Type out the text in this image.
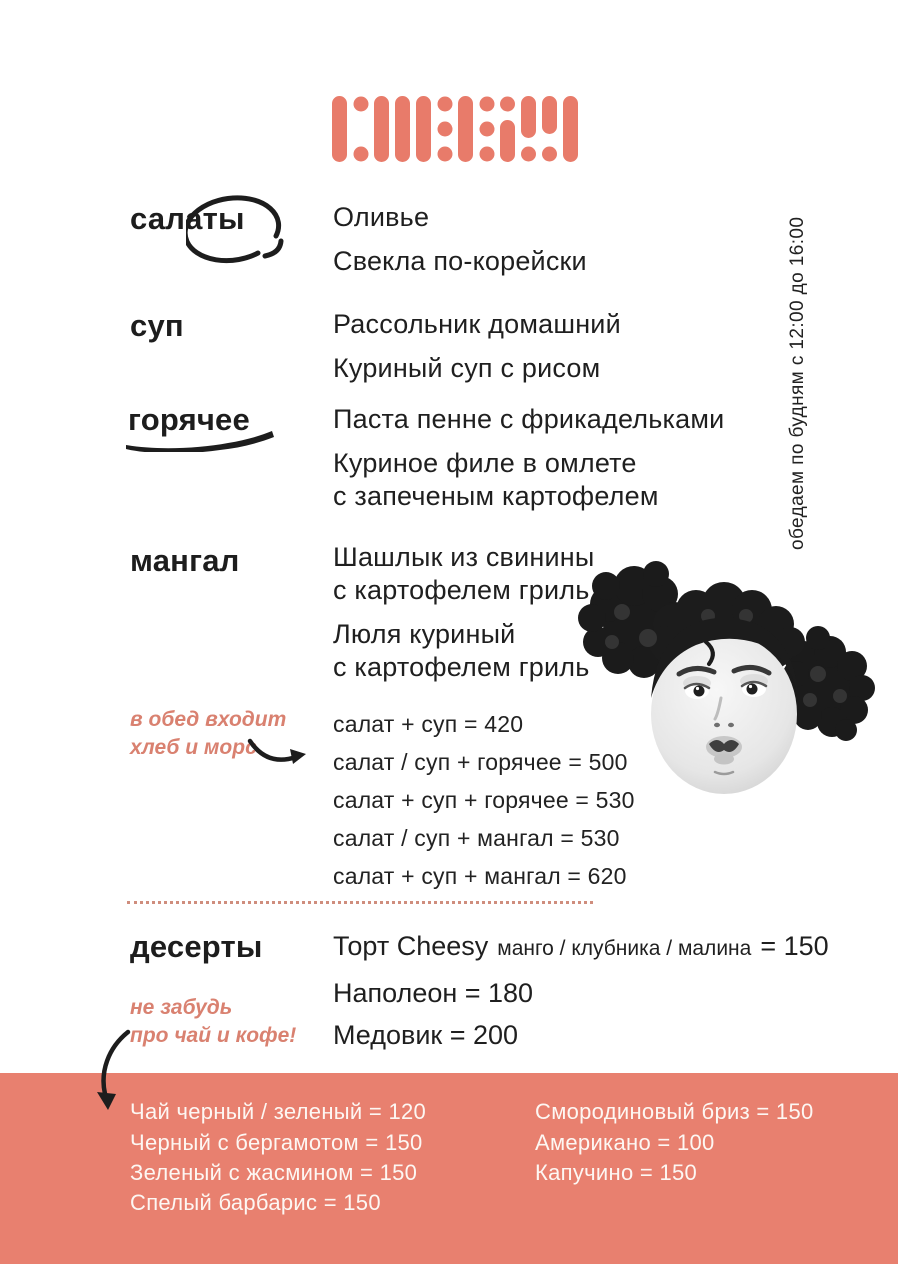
обедаем по будням с 12:00 до 16:00
салаты
суп
горячее
мангал
десерты
Оливье
Свекла по-корейски
Рассольник домашний
Куриный суп с рисом
Паста пенне с фрикадельками
Куриное филе в омлете
с запеченым картофелем
Шашлык из свинины
с картофелем гриль
Люля куриный
с картофелем гриль
в обед входит
хлеб и морс
салат + суп = 420
салат / суп + горячее = 500
салат + суп + горячее = 530
салат / суп + мангал = 530
салат + суп + мангал = 620
Торт Cheesy манго / клубника / малина = 150
Наполеон = 180
Медовик = 200
не забудь
про чай и кофе!
Чай черный / зеленый = 120
Черный с бергамотом = 150
Зеленый с жасмином = 150
Спелый барбарис = 150
Смородиновый бриз = 150
Американо = 100
Капучино = 150
